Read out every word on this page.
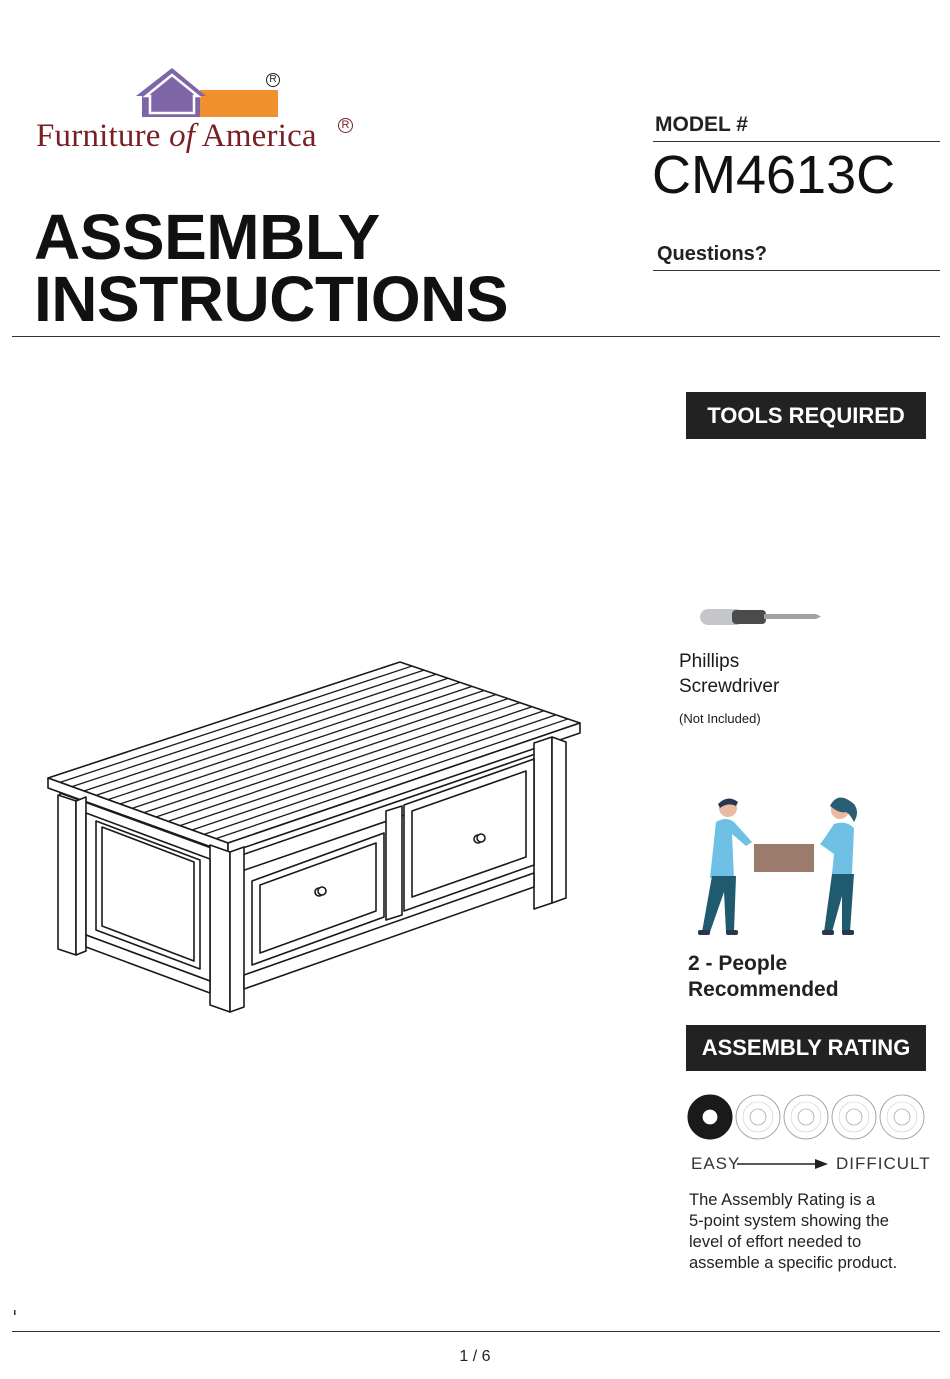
R
Furniture of America	R
ASSEMBLY
INSTRUCTIONS
MODEL #
CM4613C
Questions?
TOOLS REQUIRED
Phillips
Screwdriver
(Not Included)
2 - People
Recommended
ASSEMBLY RATING
EASY	DIFFICULT
The Assembly Rating is a
5-point system showing the
level of effort needed to
assemble a specific product.
1 / 6
